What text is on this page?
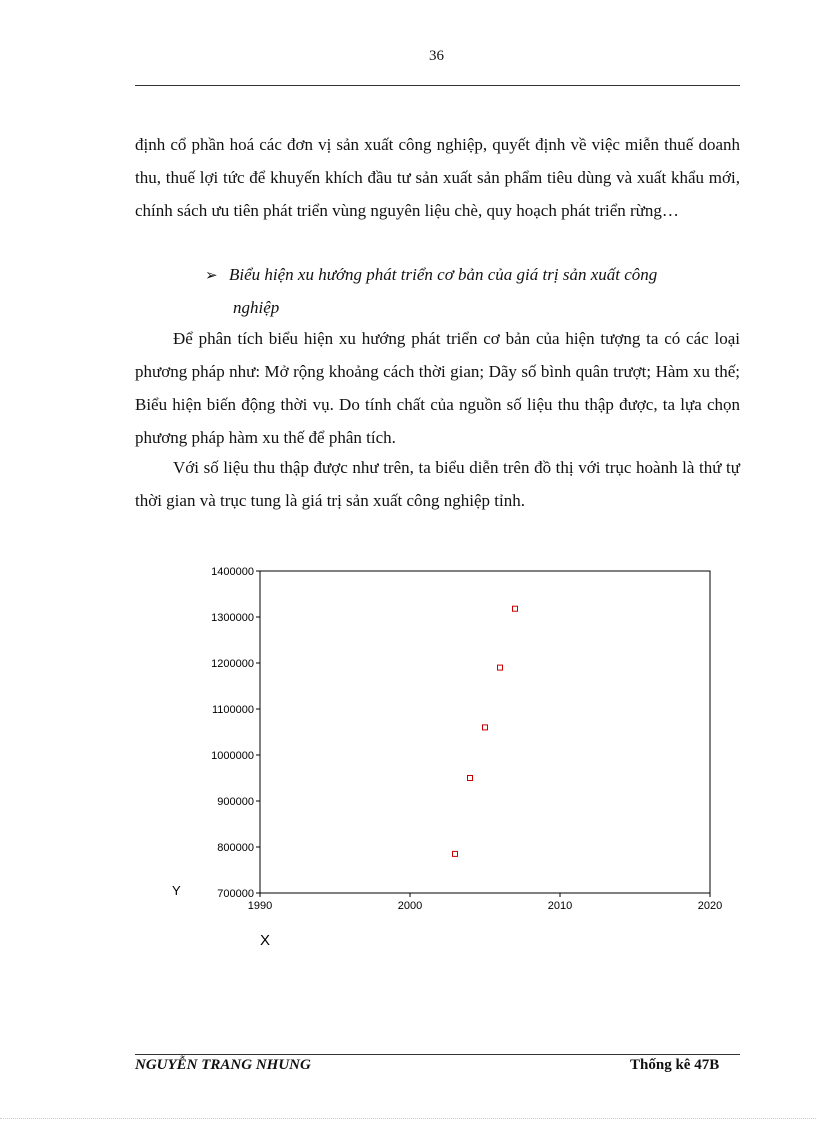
36
định cổ phần hoá các đơn vị sản xuất công nghiệp, quyết định về việc miễn thuế doanh thu, thuế lợi tức để khuyến khích đầu tư sản xuất sản phẩm tiêu dùng và xuất khẩu mới, chính sách ưu tiên phát triển vùng nguyên liệu chè, quy hoạch phát triển rừng…
➢ Biểu hiện xu hướng phát triển cơ bản của giá trị sản xuất công
nghiệp
Để phân tích biểu hiện xu hướng phát triển cơ bản của hiện tượng ta có các loại phương pháp như: Mở rộng khoảng cách thời gian; Dãy số bình quân trượt; Hàm xu thế; Biểu hiện biến động thời vụ. Do tính chất của nguồn số liệu thu thập được, ta lựa chọn phương pháp hàm xu thế để phân tích.
Với số liệu thu thập được như trên, ta biểu diễn trên đồ thị với trục hoành là thứ tự thời gian và trục tung là giá trị sản xuất công nghiệp tỉnh.
700000
800000
900000
1000000
1100000
1200000
1300000
1400000
1990	2000	2010	2020
Y
X
NGUYỄN TRANG NHUNG	Thống kê 47B
